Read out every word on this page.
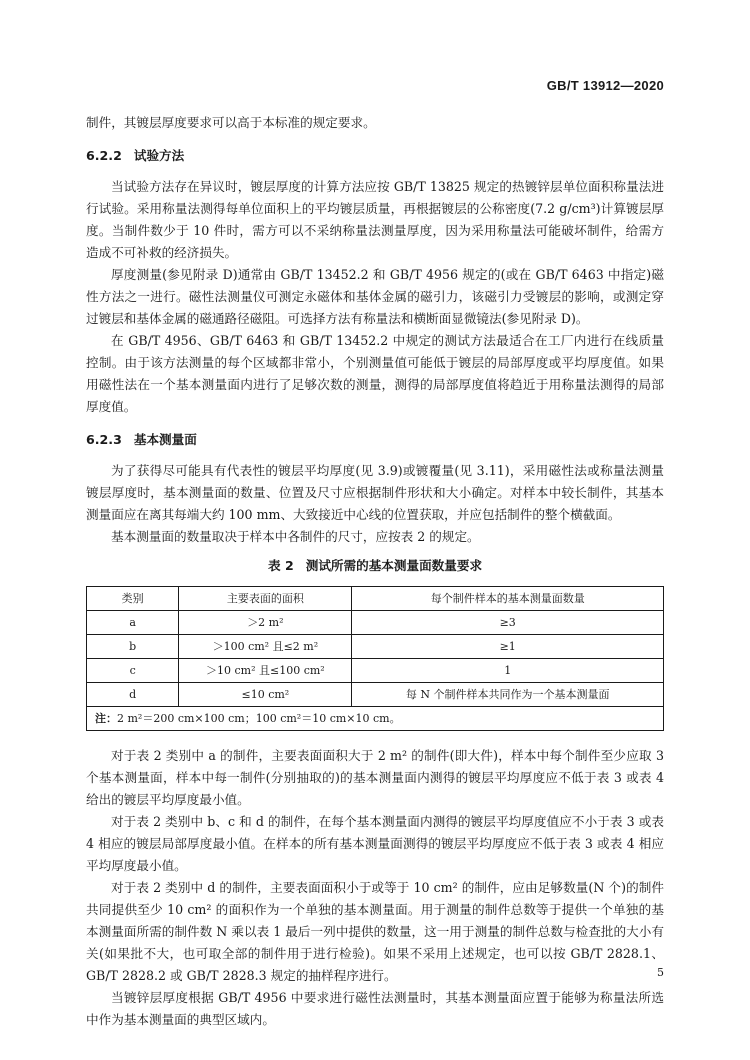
GB/T 13912—2020

制件，其镀层厚度要求可以高于本标准的规定要求。

6.2.2 试验方法

当试验方法存在异议时，镀层厚度的计算方法应按 GB/T 13825 规定的热镀锌层单位面积称量法进行试验。采用称量法测得每单位面积上的平均镀层质量，再根据镀层的公称密度(7.2 g/cm³)计算镀层厚度。当制件数少于 10 件时，需方可以不采纳称量法测量厚度，因为采用称量法可能破坏制件，给需方造成不可补救的经济损失。

厚度测量(参见附录 D)通常由 GB/T 13452.2 和 GB/T 4956 规定的(或在 GB/T 6463 中指定)磁性方法之一进行。磁性法测量仪可测定永磁体和基体金属的磁引力，该磁引力受镀层的影响，或测定穿过镀层和基体金属的磁通路径磁阻。可选择方法有称量法和横断面显微镜法(参见附录 D)。

在 GB/T 4956、GB/T 6463 和 GB/T 13452.2 中规定的测试方法最适合在工厂内进行在线质量控制。由于该方法测量的每个区域都非常小，个别测量值可能低于镀层的局部厚度或平均厚度值。如果用磁性法在一个基本测量面内进行了足够次数的测量，测得的局部厚度值将趋近于用称量法测得的局部厚度值。

6.2.3 基本测量面

为了获得尽可能具有代表性的镀层平均厚度(见 3.9)或镀覆量(见 3.11)，采用磁性法或称量法测量镀层厚度时，基本测量面的数量、位置及尺寸应根据制件形状和大小确定。对样本中较长制件，其基本测量面应在离其每端大约 100 mm、大致接近中心线的位置获取，并应包括制件的整个横截面。

基本测量面的数量取决于样本中各制件的尺寸，应按表 2 的规定。

表 2 测试所需的基本测量面数量要求
类别	主要表面的面积	每个制件样本的基本测量面数量
a	＞2 m²	≥3
b	＞100 cm² 且≤2 m²	≥1
c	＞10 cm² 且≤100 cm²	1
d	≤10 cm²	每 N 个制件样本共同作为一个基本测量面
注：2 m²＝200 cm×100 cm；100 cm²＝10 cm×10 cm。		

对于表 2 类别中 a 的制件，主要表面面积大于 2 m² 的制件(即大件)，样本中每个制件至少应取 3 个基本测量面，样本中每一制件(分别抽取的)的基本测量面内测得的镀层平均厚度应不低于表 3 或表 4 给出的镀层平均厚度最小值。

对于表 2 类别中 b、c 和 d 的制件，在每个基本测量面内测得的镀层平均厚度值应不小于表 3 或表 4 相应的镀层局部厚度最小值。在样本的所有基本测量面测得的镀层平均厚度应不低于表 3 或表 4 相应平均厚度最小值。

对于表 2 类别中 d 的制件，主要表面面积小于或等于 10 cm² 的制件，应由足够数量(N 个)的制件共同提供至少 10 cm² 的面积作为一个单独的基本测量面。用于测量的制件总数等于提供一个单独的基本测量面所需的制件数 N 乘以表 1 最后一列中提供的数量，这一用于测量的制件总数与检查批的大小有关(如果批不大，也可取全部的制件用于进行检验)。如果不采用上述规定，也可以按 GB/T 2828.1、GB/T 2828.2 或 GB/T 2828.3 规定的抽样程序进行。

当镀锌层厚度根据 GB/T 4956 中要求进行磁性法测量时，其基本测量面应置于能够为称量法所选中作为基本测量面的典型区域内。

5
